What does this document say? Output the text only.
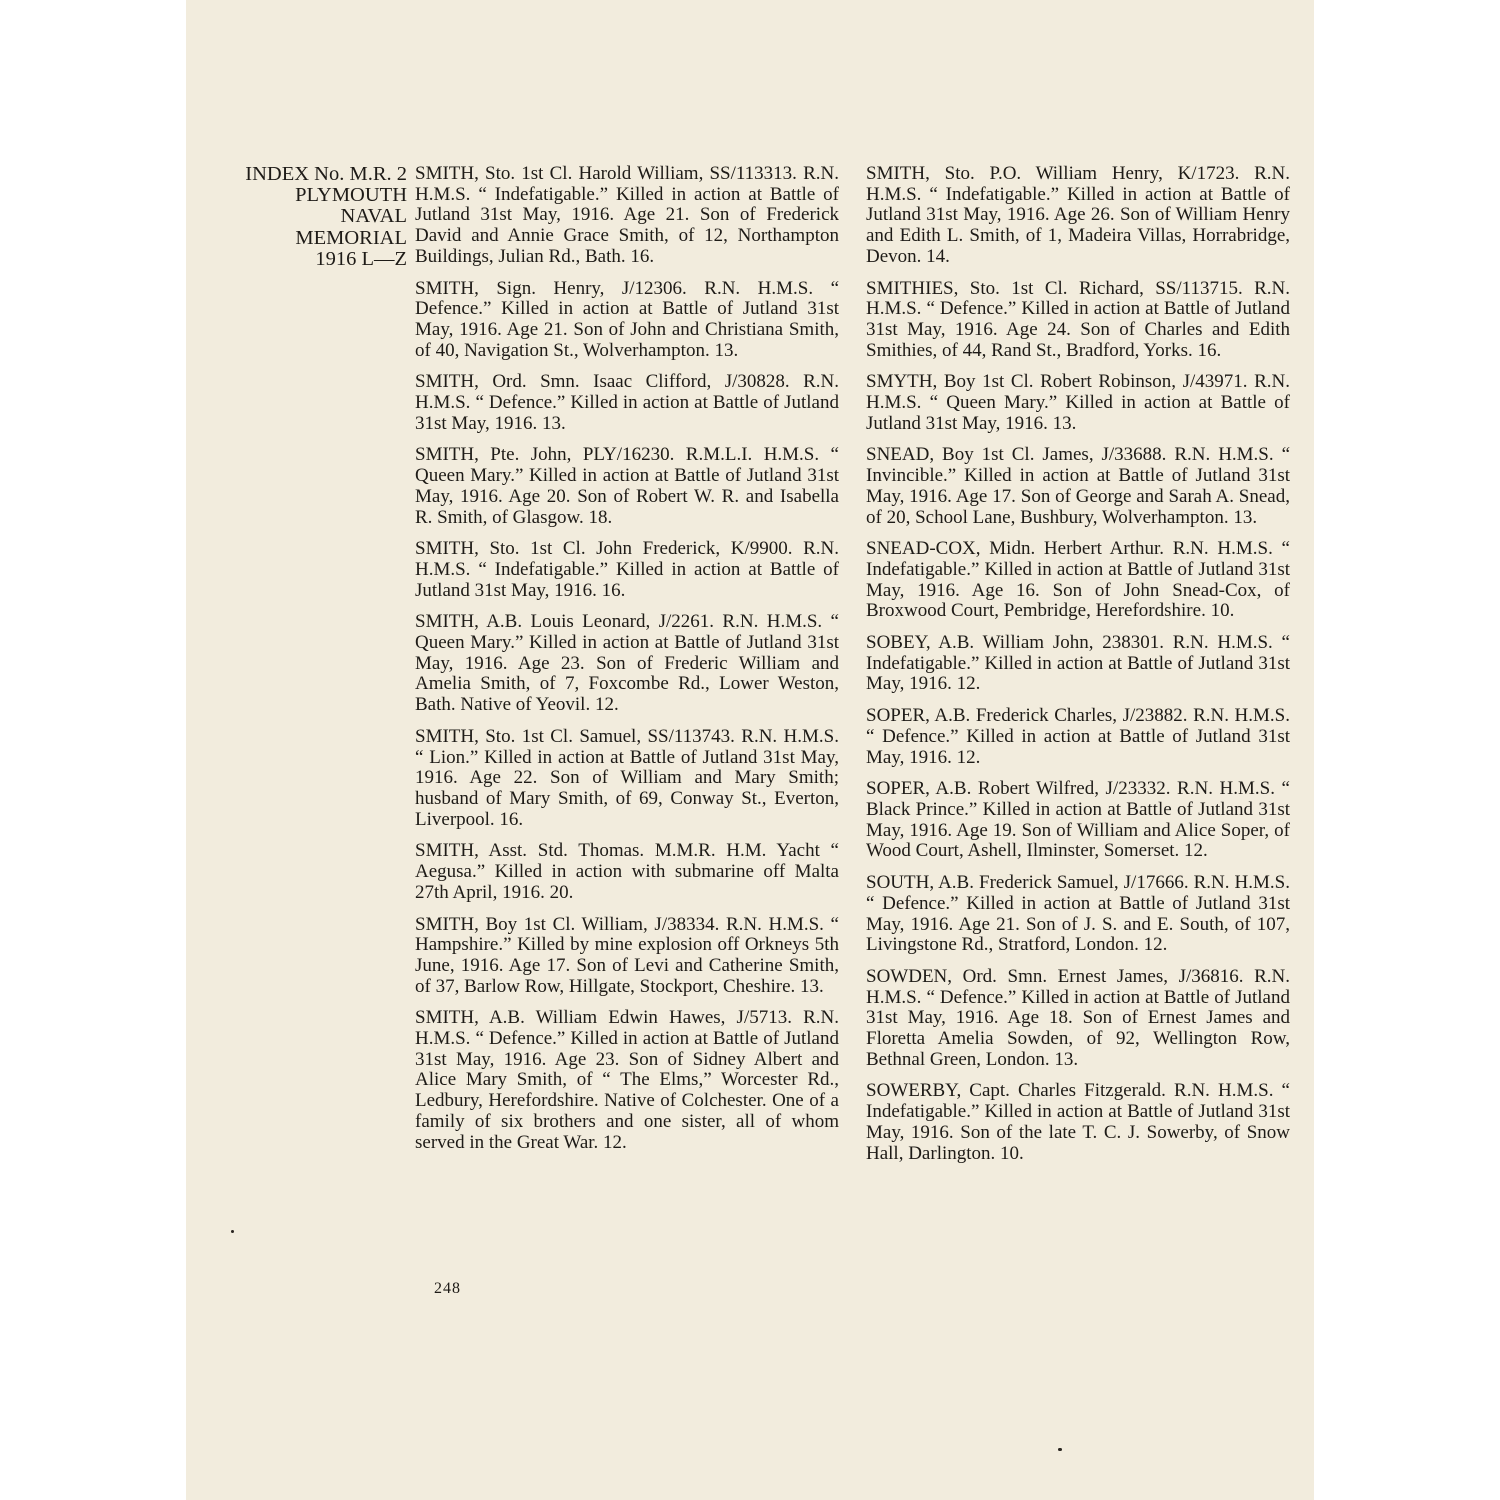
INDEX No. M.R. 2
PLYMOUTH
NAVAL
MEMORIAL
1916 L—Z

SMITH, Sto. 1st Cl. Harold William, SS/113313. R.N. H.M.S. “ Indefatigable.” Killed in action at Battle of Jutland 31st May, 1916. Age 21. Son of Frederick David and Annie Grace Smith, of 12, Northampton Buildings, Julian Rd., Bath. 16.

SMITH, Sign. Henry, J/12306. R.N. H.M.S. “ Defence.” Killed in action at Battle of Jutland 31st May, 1916. Age 21. Son of John and Christiana Smith, of 40, Navigation St., Wolverhampton. 13.

SMITH, Ord. Smn. Isaac Clifford, J/30828. R.N. H.M.S. “ Defence.” Killed in action at Battle of Jutland 31st May, 1916. 13.

SMITH, Pte. John, PLY/16230. R.M.L.I. H.M.S. “ Queen Mary.” Killed in action at Battle of Jutland 31st May, 1916. Age 20. Son of Robert W. R. and Isabella R. Smith, of Glasgow. 18.

SMITH, Sto. 1st Cl. John Frederick, K/9900. R.N. H.M.S. “ Indefatigable.” Killed in action at Battle of Jutland 31st May, 1916. 16.

SMITH, A.B. Louis Leonard, J/2261. R.N. H.M.S. “ Queen Mary.” Killed in action at Battle of Jutland 31st May, 1916. Age 23. Son of Frederic William and Amelia Smith, of 7, Foxcombe Rd., Lower Weston, Bath. Native of Yeovil. 12.

SMITH, Sto. 1st Cl. Samuel, SS/113743. R.N. H.M.S. “ Lion.” Killed in action at Battle of Jutland 31st May, 1916. Age 22. Son of William and Mary Smith; husband of Mary Smith, of 69, Conway St., Everton, Liverpool. 16.

SMITH, Asst. Std. Thomas. M.M.R. H.M. Yacht “ Aegusa.” Killed in action with submarine off Malta 27th April, 1916. 20.

SMITH, Boy 1st Cl. William, J/38334. R.N. H.M.S. “ Hampshire.” Killed by mine explosion off Orkneys 5th June, 1916. Age 17. Son of Levi and Catherine Smith, of 37, Barlow Row, Hillgate, Stockport, Cheshire. 13.

SMITH, A.B. William Edwin Hawes, J/5713. R.N. H.M.S. “ Defence.” Killed in action at Battle of Jutland 31st May, 1916. Age 23. Son of Sidney Albert and Alice Mary Smith, of “ The Elms,” Worcester Rd., Ledbury, Herefordshire. Native of Colchester. One of a family of six brothers and one sister, all of whom served in the Great War. 12.

SMITH, Sto. P.O. William Henry, K/1723. R.N. H.M.S. “ Indefatigable.” Killed in action at Battle of Jutland 31st May, 1916. Age 26. Son of William Henry and Edith L. Smith, of 1, Madeira Villas, Horrabridge, Devon. 14.

SMITHIES, Sto. 1st Cl. Richard, SS/113715. R.N. H.M.S. “ Defence.” Killed in action at Battle of Jutland 31st May, 1916. Age 24. Son of Charles and Edith Smithies, of 44, Rand St., Bradford, Yorks. 16.

SMYTH, Boy 1st Cl. Robert Robinson, J/43971. R.N. H.M.S. “ Queen Mary.” Killed in action at Battle of Jutland 31st May, 1916. 13.

SNEAD, Boy 1st Cl. James, J/33688. R.N. H.M.S. “ Invincible.” Killed in action at Battle of Jutland 31st May, 1916. Age 17. Son of George and Sarah A. Snead, of 20, School Lane, Bushbury, Wolverhampton. 13.

SNEAD-COX, Midn. Herbert Arthur. R.N. H.M.S. “ Indefatigable.” Killed in action at Battle of Jutland 31st May, 1916. Age 16. Son of John Snead-Cox, of Broxwood Court, Pembridge, Herefordshire. 10.

SOBEY, A.B. William John, 238301. R.N. H.M.S. “ Indefatigable.” Killed in action at Battle of Jutland 31st May, 1916. 12.

SOPER, A.B. Frederick Charles, J/23882. R.N. H.M.S. “ Defence.” Killed in action at Battle of Jutland 31st May, 1916. 12.

SOPER, A.B. Robert Wilfred, J/23332. R.N. H.M.S. “ Black Prince.” Killed in action at Battle of Jutland 31st May, 1916. Age 19. Son of William and Alice Soper, of Wood Court, Ashell, Ilminster, Somerset. 12.

SOUTH, A.B. Frederick Samuel, J/17666. R.N. H.M.S. “ Defence.” Killed in action at Battle of Jutland 31st May, 1916. Age 21. Son of J. S. and E. South, of 107, Livingstone Rd., Stratford, London. 12.

SOWDEN, Ord. Smn. Ernest James, J/36816. R.N. H.M.S. “ Defence.” Killed in action at Battle of Jutland 31st May, 1916. Age 18. Son of Ernest James and Floretta Amelia Sowden, of 92, Wellington Row, Bethnal Green, London. 13.

SOWERBY, Capt. Charles Fitzgerald. R.N. H.M.S. “ Indefatigable.” Killed in action at Battle of Jutland 31st May, 1916. Son of the late T. C. J. Sowerby, of Snow Hall, Darlington. 10.

248
